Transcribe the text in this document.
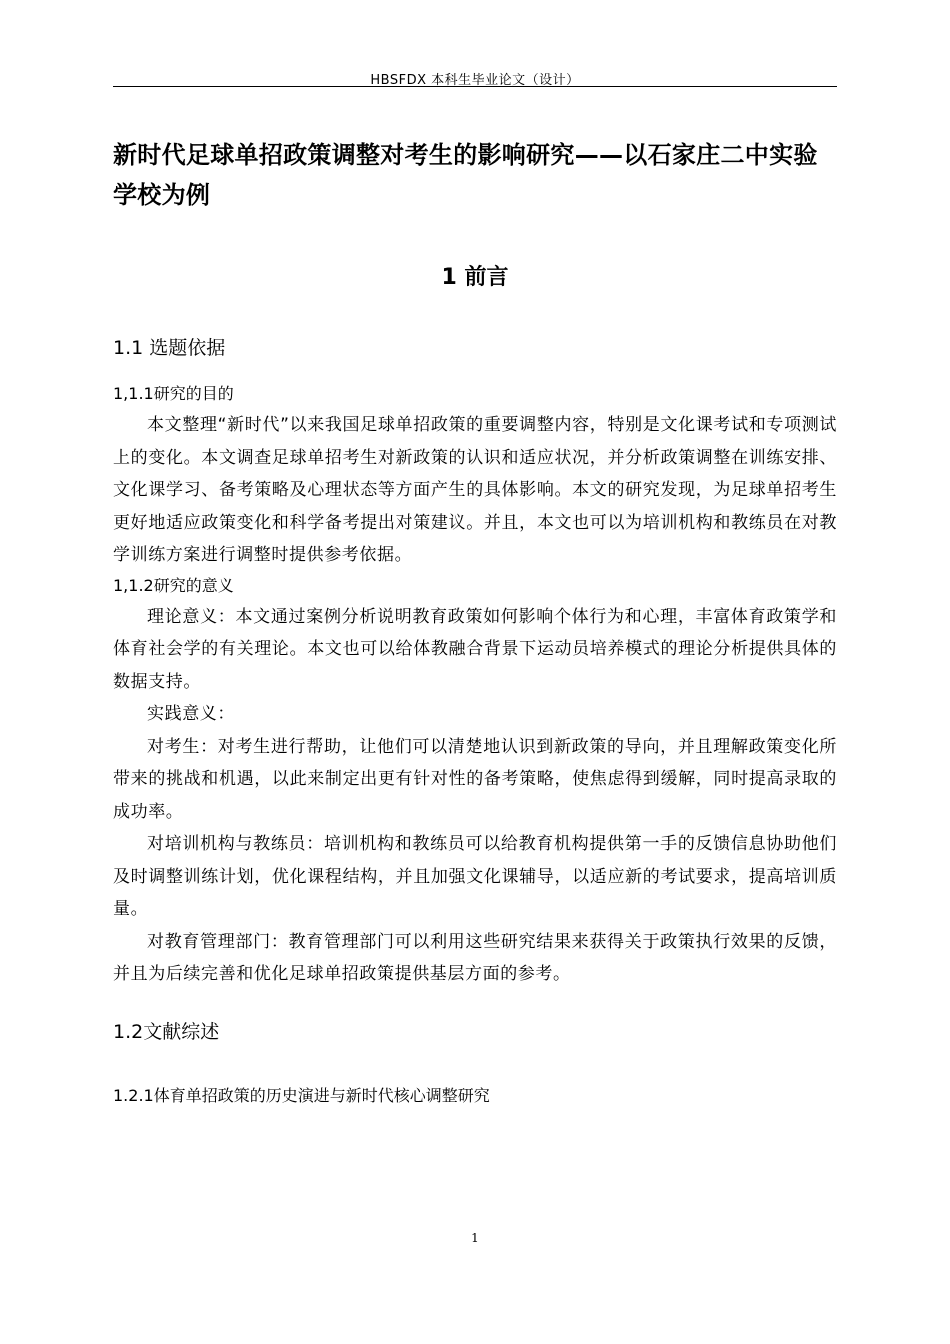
HBSFDX 本科生毕业论文（设计）
新时代足球单招政策调整对考生的影响研究——以石家庄二中实验学校为例
1 前言
1.1 选题依据
1,1.1研究的目的

本文整理“新时代”以来我国足球单招政策的重要调整内容，特别是文化课考试和专项测试上的变化。本文调查足球单招考生对新政策的认识和适应状况，并分析政策调整在训练安排、文化课学习、备考策略及心理状态等方面产生的具体影响。本文的研究发现，为足球单招考生更好地适应政策变化和科学备考提出对策建议。并且，本文也可以为培训机构和教练员在对教学训练方案进行调整时提供参考依据。

1,1.2研究的意义

理论意义：本文通过案例分析说明教育政策如何影响个体行为和心理，丰富体育政策学和体育社会学的有关理论。本文也可以给体教融合背景下运动员培养模式的理论分析提供具体的数据支持。

实践意义：

对考生：对考生进行帮助，让他们可以清楚地认识到新政策的导向，并且理解政策变化所带来的挑战和机遇，以此来制定出更有针对性的备考策略，使焦虑得到缓解，同时提高录取的成功率。

对培训机构与教练员：培训机构和教练员可以给教育机构提供第一手的反馈信息协助他们及时调整训练计划，优化课程结构，并且加强文化课辅导，以适应新的考试要求，提高培训质量。

对教育管理部门：教育管理部门可以利用这些研究结果来获得关于政策执行效果的反馈，并且为后续完善和优化足球单招政策提供基层方面的参考。

1.2文献综述
1.2.1体育单招政策的历史演进与新时代核心调整研究
1
